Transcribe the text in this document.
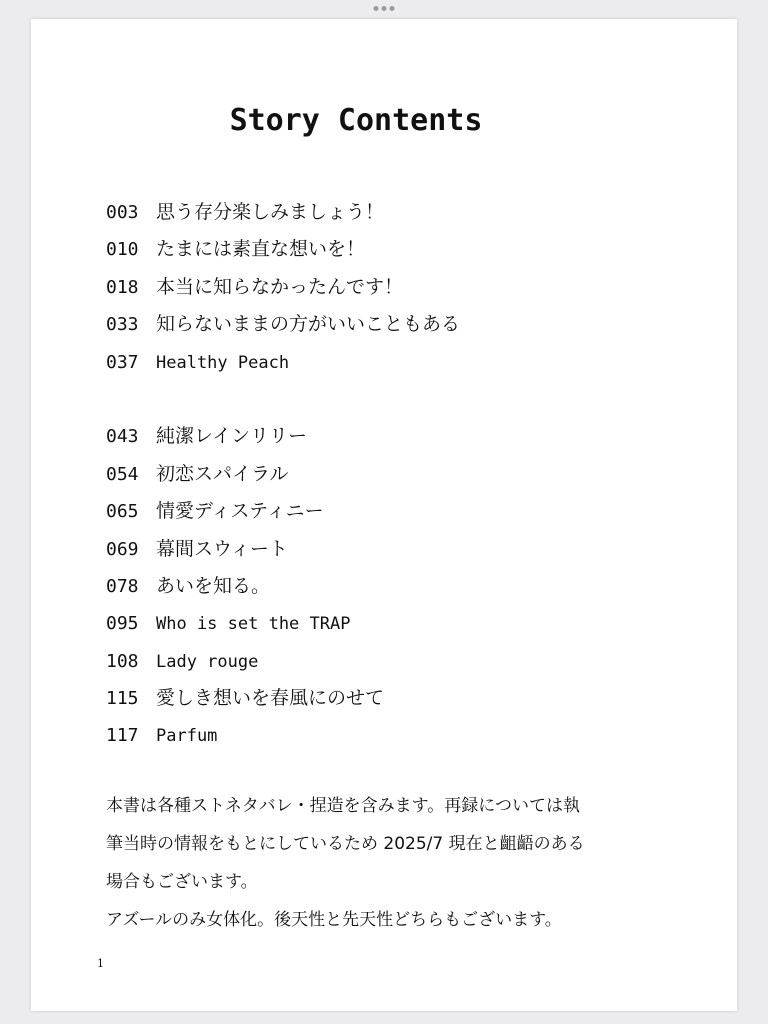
Story Contents
003 思う存分楽しみましょう！
010 たまには素直な想いを！
018 本当に知らなかったんです！
033 知らないままの方がいいこともある
037 Healthy Peach
043 純潔レインリリー
054 初恋スパイラル
065 情愛ディスティニー
069 幕間スウィート
078 あいを知る。
095 Who is set the TRAP
108 Lady rouge
115 愛しき想いを春風にのせて
117 Parfum
本書は各種ストネタバレ・捏造を含みます。再録については執
筆当時の情報をもとにしているため 2025/7 現在と齟齬のある
場合もございます。
アズールのみ女体化。後天性と先天性どちらもございます。
1
